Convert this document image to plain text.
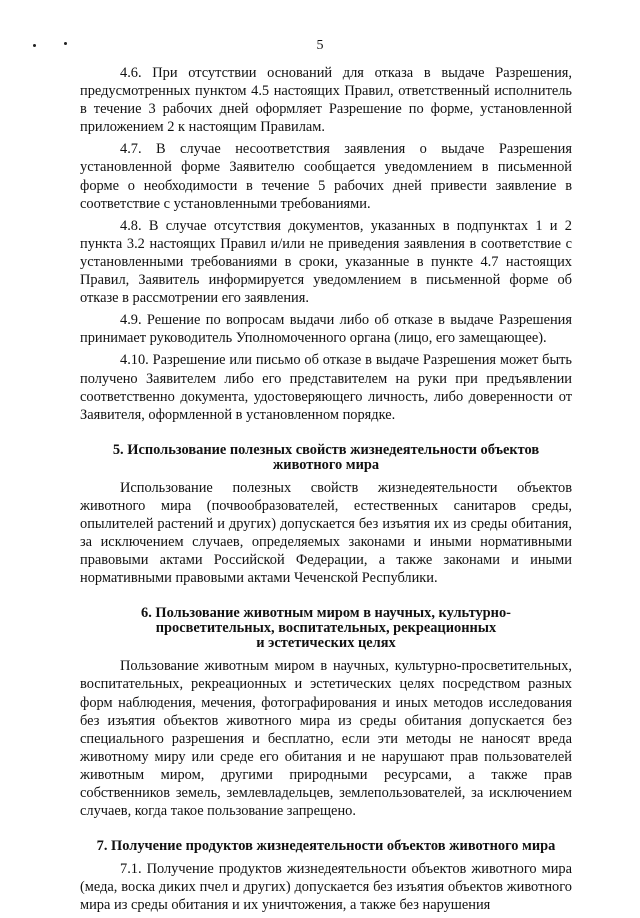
5

4.6. При отсутствии оснований для отказа в выдаче Разрешения, предусмотренных пунктом 4.5 настоящих Правил, ответственный исполнитель в течение 3 рабочих дней оформляет Разрешение по форме, установленной приложением 2 к настоящим Правилам.

4.7. В случае несоответствия заявления о выдаче Разрешения установленной форме Заявителю сообщается уведомлением в письменной форме о необходимости в течение 5 рабочих дней привести заявление в соответствие с установленными требованиями.

4.8. В случае отсутствия документов, указанных в подпунктах 1 и 2 пункта 3.2 настоящих Правил и/или не приведения заявления в соответствие с установленными требованиями в сроки, указанные в пункте 4.7 настоящих Правил, Заявитель информируется уведомлением в письменной форме об отказе в рассмотрении его заявления.

4.9. Решение по вопросам выдачи либо об отказе в выдаче Разрешения принимает руководитель Уполномоченного органа (лицо, его замещающее).

4.10. Разрешение или письмо об отказе в выдаче Разрешения может быть получено Заявителем либо его представителем на руки при предъявлении соответственно документа, удостоверяющего личность, либо доверенности от Заявителя, оформленной в установленном порядке.

5. Использование полезных свойств жизнедеятельности объектов
животного мира

Использование полезных свойств жизнедеятельности объектов животного мира (почвообразователей, естественных санитаров среды, опылителей растений и других) допускается без изъятия их из среды обитания, за исключением случаев, определяемых законами и иными нормативными правовыми актами Российской Федерации, а также законами и иными нормативными правовыми актами Чеченской Республики.

6. Пользование животным миром в научных, культурно-
просветительных, воспитательных, рекреационных
и эстетических целях

Пользование животным миром в научных, культурно-просветительных, воспитательных, рекреационных и эстетических целях посредством разных форм наблюдения, мечения, фотографирования и иных методов исследования без изъятия объектов животного мира из среды обитания допускается без специального разрешения и бесплатно, если эти методы не наносят вреда животному миру или среде его обитания и не нарушают прав пользователей животным миром, другими природными ресурсами, а также прав собственников земель, землевладельцев, землепользователей, за исключением случаев, когда такое пользование запрещено.

7. Получение продуктов жизнедеятельности объектов животного мира

7.1. Получение продуктов жизнедеятельности объектов животного мира (меда, воска диких пчел и других) допускается без изъятия объектов животного мира из среды обитания и их уничтожения, а также без нарушения
